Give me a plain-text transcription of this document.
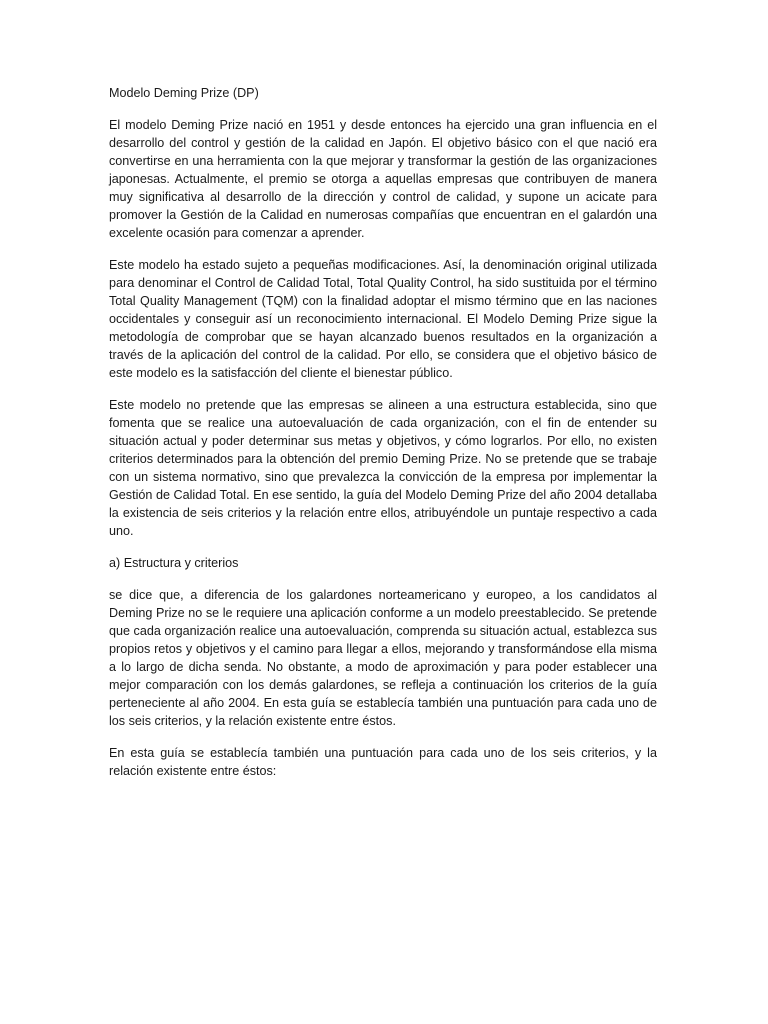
Modelo Deming Prize (DP)

El modelo Deming Prize nació en 1951 y desde entonces ha ejercido una gran influencia en el desarrollo del control y gestión de la calidad en Japón. El objetivo básico con el que nació era convertirse en una herramienta con la que mejorar y transformar la gestión de las organizaciones japonesas. Actualmente, el premio se otorga a aquellas empresas que contribuyen de manera muy significativa al desarrollo de la dirección y control de calidad, y supone un acicate para promover la Gestión de la Calidad en numerosas compañías que encuentran en el galardón una excelente ocasión para comenzar a aprender.

Este modelo ha estado sujeto a pequeñas modificaciones. Así, la denominación original utilizada para denominar el Control de Calidad Total, Total Quality Control, ha sido sustituida por el término Total Quality Management (TQM) con la finalidad adoptar el mismo término que en las naciones occidentales y conseguir así un reconocimiento internacional. El Modelo Deming Prize sigue la metodología de comprobar que se hayan alcanzado buenos resultados en la organización a través de la aplicación del control de la calidad. Por ello, se considera que el objetivo básico de este modelo es la satisfacción del cliente el bienestar público.

Este modelo no pretende que las empresas se alineen a una estructura establecida, sino que fomenta que se realice una autoevaluación de cada organización, con el fin de entender su situación actual y poder determinar sus metas y objetivos, y cómo lograrlos. Por ello, no existen criterios determinados para la obtención del premio Deming Prize. No se pretende que se trabaje con un sistema normativo, sino que prevalezca la convicción de la empresa por implementar la Gestión de Calidad Total. En ese sentido, la guía del Modelo Deming Prize del año 2004 detallaba la existencia de seis criterios y la relación entre ellos, atribuyéndole un puntaje respectivo a cada uno.

a) Estructura y criterios

se dice que, a diferencia de los galardones norteamericano y europeo, a los candidatos al Deming Prize no se le requiere una aplicación conforme a un modelo preestablecido. Se pretende que cada organización realice una autoevaluación, comprenda su situación actual, establezca sus propios retos y objetivos y el camino para llegar a ellos, mejorando y transformándose ella misma a lo largo de dicha senda. No obstante, a modo de aproximación y para poder establecer una mejor comparación con los demás galardones, se refleja a continuación los criterios de la guía perteneciente al año 2004. En esta guía se establecía también una puntuación para cada uno de los seis criterios, y la relación existente entre éstos.

En esta guía se establecía también una puntuación para cada uno de los seis criterios, y la relación existente entre éstos:
